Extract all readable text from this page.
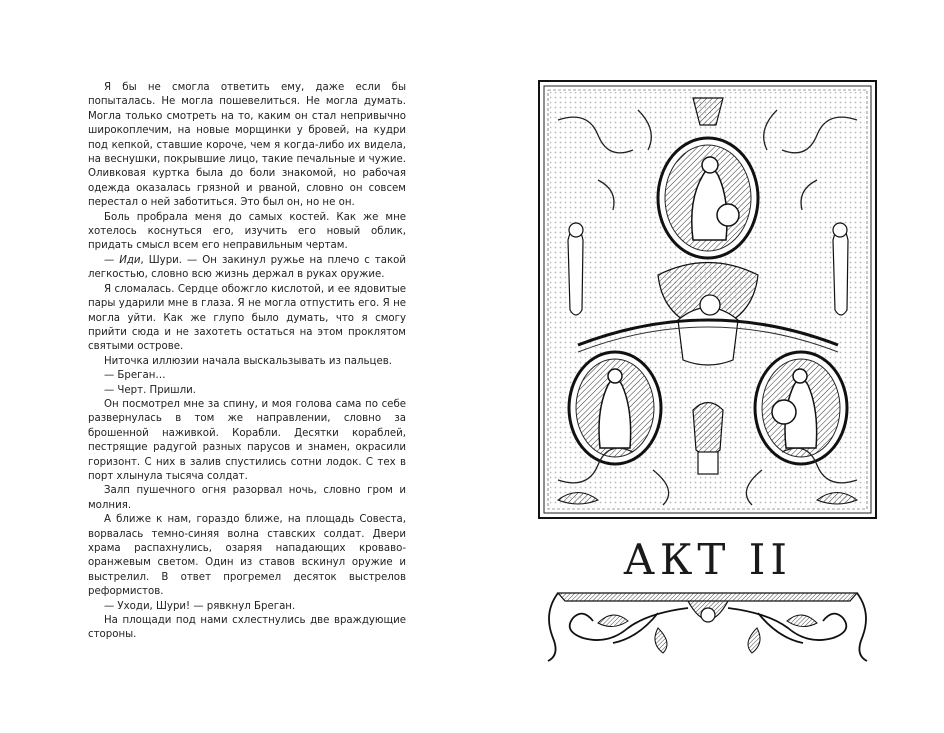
Я бы не смогла ответить ему, даже если бы попыталась. Не могла пошевелиться. Не могла думать. Могла только смотреть на то, каким он стал непривычно широкоплечим, на новые морщинки у бровей, на кудри под кепкой, ставшие короче, чем я когда-либо их видела, на веснушки, покрывшие лицо, такие печальные и чужие. Оливковая куртка была до боли знакомой, но рабочая одежда оказалась грязной и рваной, словно он совсем перестал о ней заботиться. Это был он, но не он.

Боль пробрала меня до самых костей. Как же мне хотелось коснуться его, изучить его новый облик, придать смысл всем его неправильным чертам.

— Иди, Шури. — Он закинул ружье на плечо с такой легкостью, словно всю жизнь держал в руках оружие.

Я сломалась. Сердце обожгло кислотой, и ее ядовитые пары ударили мне в глаза. Я не могла отпустить его. Я не могла уйти. Как же глупо было думать, что я смогу прийти сюда и не захотеть остаться на этом проклятом святыми острове.

Ниточка иллюзии начала выскальзывать из пальцев.

— Бреган…

— Черт. Пришли.

Он посмотрел мне за спину, и моя голова сама по себе развернулась в том же направлении, словно за брошенной наживкой. Корабли. Десятки кораблей, пестрящие радугой разных парусов и знамен, окрасили горизонт. С них в залив спустились сотни лодок. С тех в порт хлынула тысяча солдат.

Залп пушечного огня разорвал ночь, словно гром и молния.

А ближе к нам, гораздо ближе, на площадь Совеста, ворвалась темно-синяя волна ставских солдат. Двери храма распахнулись, озаряя нападающих кроваво-оранжевым светом. Один из ставов вскинул оружие и выстрелил. В ответ прогремел десяток выстрелов реформистов.

— Уходи, Шури! — рявкнул Бреган.

На площади под нами схлестнулись две враждующие стороны.

АКТ II
